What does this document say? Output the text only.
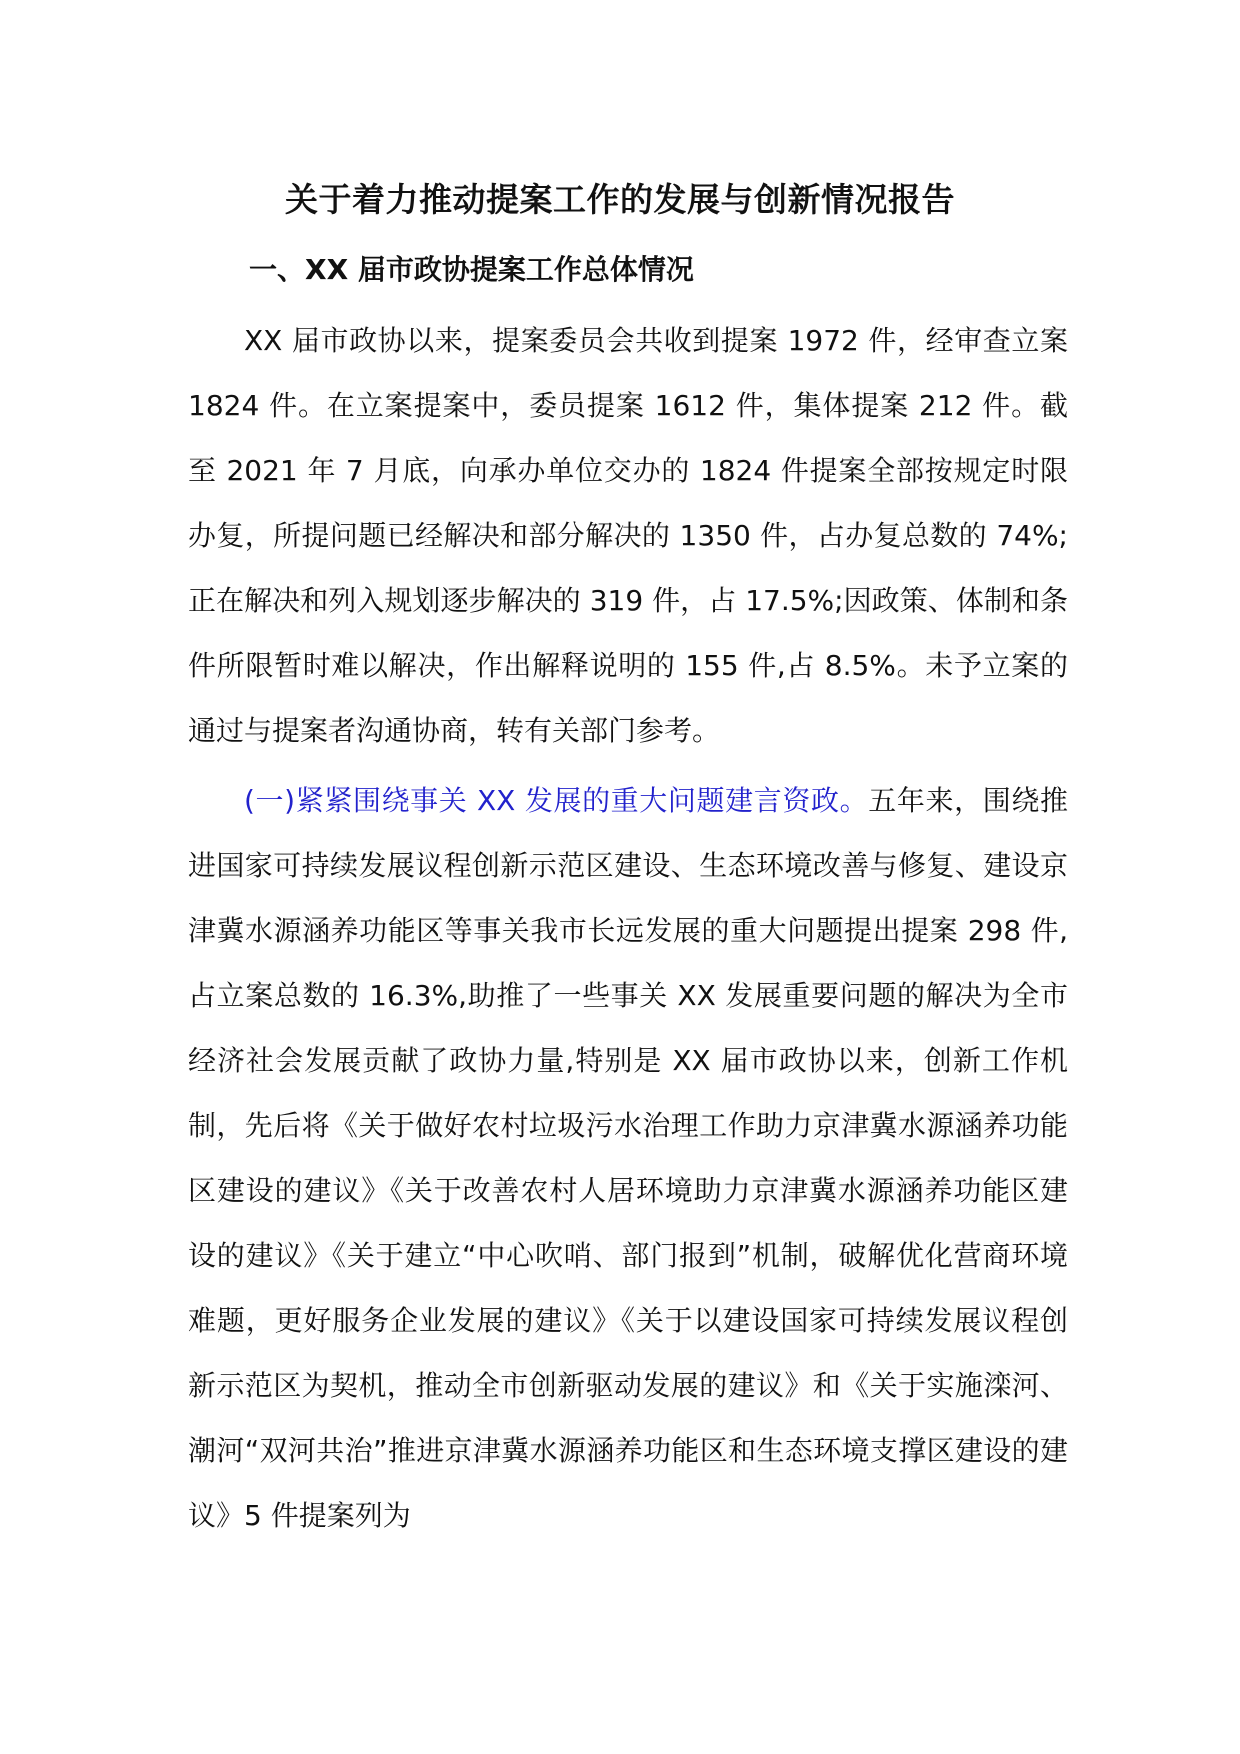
关于着力推动提案工作的发展与创新情况报告
一、XX 届市政协提案工作总体情况

XX 届市政协以来，提案委员会共收到提案 1972 件，经审查立案 1824 件。在立案提案中，委员提案 1612 件，集体提案 212 件。截至 2021 年 7 月底，向承办单位交办的 1824 件提案全部按规定时限办复，所提问题已经解决和部分解决的 1350 件，占办复总数的 74%;正在解决和列入规划逐步解决的 319 件，占 17.5%;因政策、体制和条件所限暂时难以解决，作出解释说明的 155 件,占 8.5%。未予立案的通过与提案者沟通协商，转有关部门参考。

(一)紧紧围绕事关 XX 发展的重大问题建言资政。五年来，围绕推进国家可持续发展议程创新示范区建设、生态环境改善与修复、建设京津冀水源涵养功能区等事关我市长远发展的重大问题提出提案 298 件,占立案总数的 16.3%,助推了一些事关 XX 发展重要问题的解决为全市经济社会发展贡献了政协力量,特别是 XX 届市政协以来，创新工作机制，先后将《关于做好农村垃圾污水治理工作助力京津冀水源涵养功能区建设的建议》《关于改善农村人居环境助力京津冀水源涵养功能区建设的建议》《关于建立“中心吹哨、部门报到”机制，破解优化营商环境难题，更好服务企业发展的建议》《关于以建设国家可持续发展议程创新示范区为契机，推动全市创新驱动发展的建议》和《关于实施滦河、潮河“双河共治”推进京津冀水源涵养功能区和生态环境支撑区建设的建议》5 件提案列为
